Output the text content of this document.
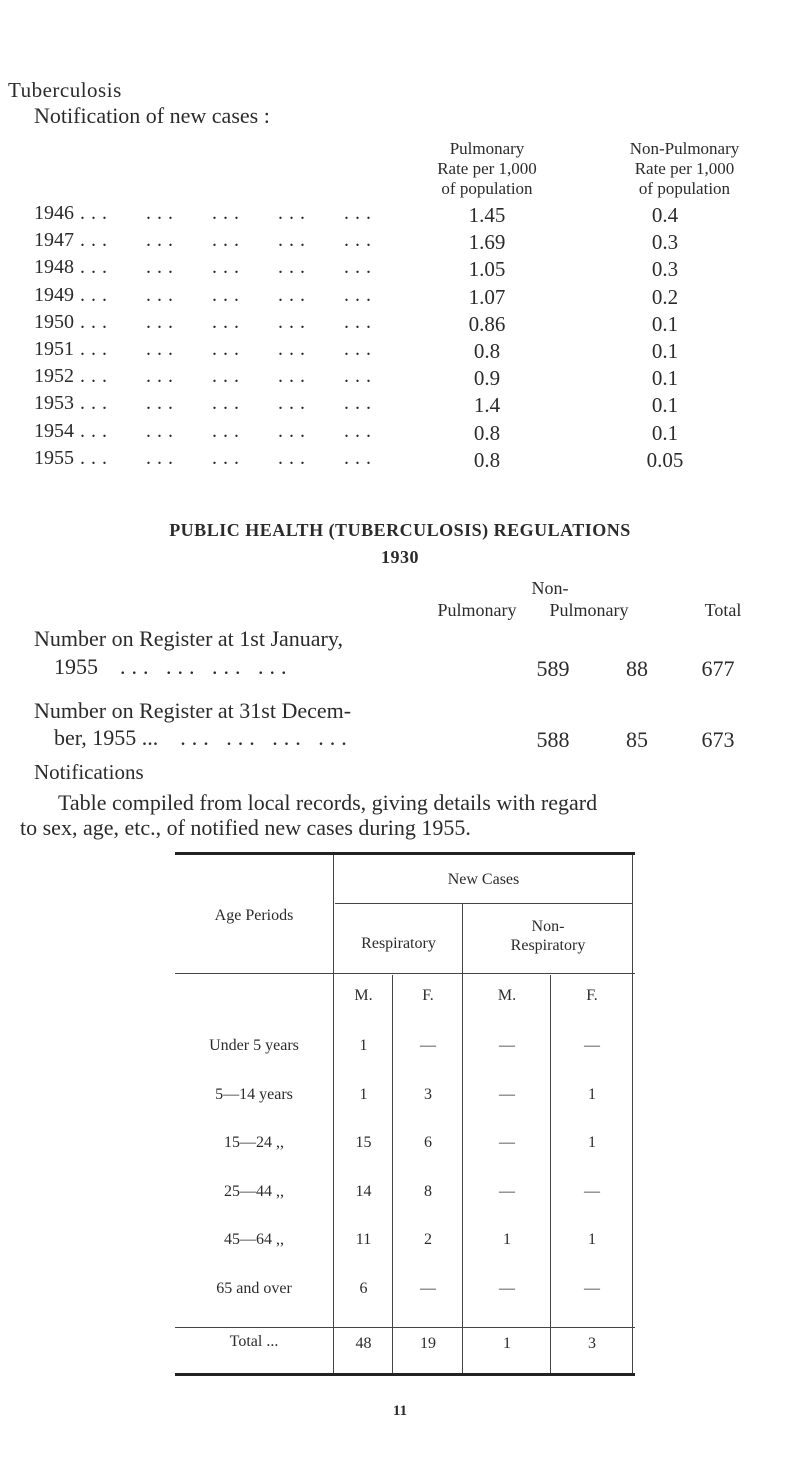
Tuberculosis
Notification of new cases :
Pulmonary
Rate per 1,000
of population
Non-Pulmonary
Rate per 1,000
of population
1946 ...   ...   ...   ...   ...	1.45	0.4
1947 ...   ...   ...   ...   ...	1.69	0.3
1948 ...   ...   ...   ...   ...	1.05	0.3
1949 ...   ...   ...   ...   ...	1.07	0.2
1950 ...   ...   ...   ...   ...	0.86	0.1
1951 ...   ...   ...   ...   ...	0.8	0.1
1952 ...   ...   ...   ...   ...	0.9	0.1
1953 ...   ...   ...   ...   ...	1.4	0.1
1954 ...   ...   ...   ...   ...	0.8	0.1
1955 ...   ...   ...   ...   ...	0.8	0.05
PUBLIC HEALTH (TUBERCULOSIS) REGULATIONS
1930
Non-
Pulmonary	Pulmonary	Total
Number on Register at 1st January,
1955 ... ... ... ...	589	88	677
Number on Register at 31st Decem-
ber, 1955 ... ... ... ... ...	588	85	673
Notifications
Table compiled from local records, giving details with regard
to sex, age, etc., of notified new cases during 1955.
Age Periods
New Cases
Respiratory
Non-
Respiratory
M.	F.	M.	F.
Under 5 years	1	—	—	—
5—14 years	1	3	—	1
15—24 ,,	15	6	—	1
25—44 ,,	14	8	—	—
45—64 ,,	11	2	1	1
65 and over	6	—	—	—
Total ...	48	19	1	3
11
